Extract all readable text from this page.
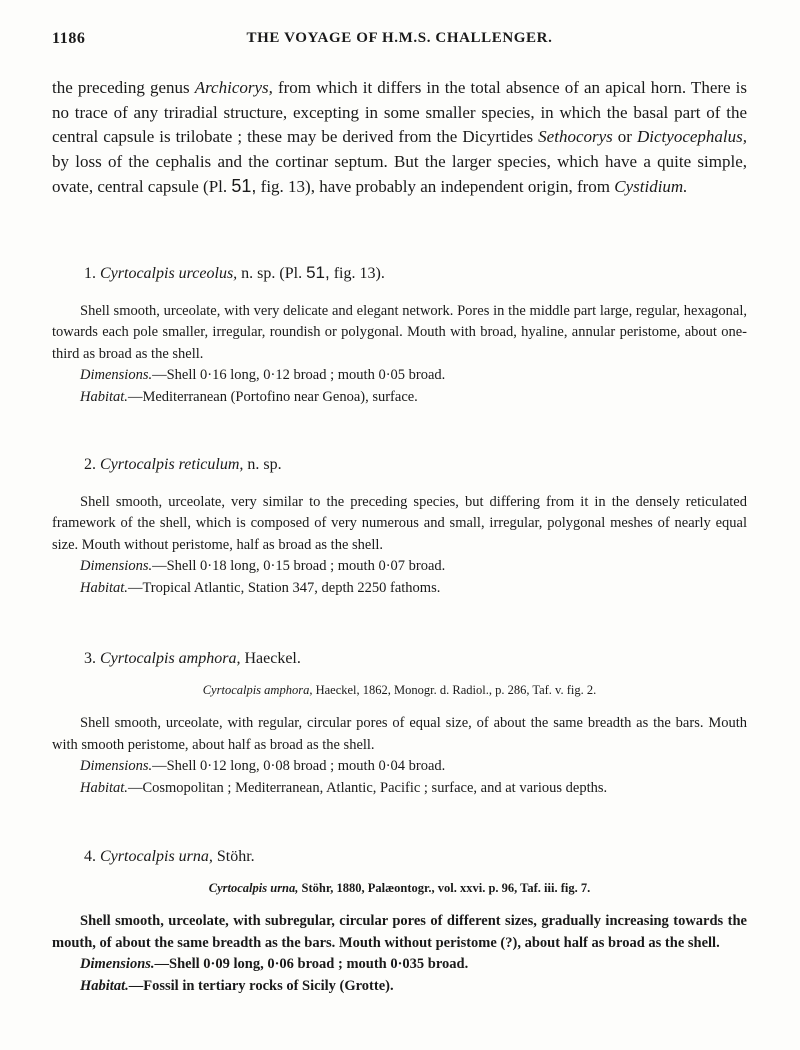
1186	THE VOYAGE OF H.M.S. CHALLENGER.

the preceding genus Archicorys, from which it differs in the total absence of an apical horn. There is no trace of any triradial structure, excepting in some smaller species, in which the basal part of the central capsule is trilobate ; these may be derived from the Dicyrtides Sethocorys or Dictyocephalus, by loss of the cephalis and the cortinar septum. But the larger species, which have a quite simple, ovate, central capsule (Pl. 51, fig. 13), have probably an independent origin, from Cystidium.

1. Cyrtocalpis urceolus, n. sp. (Pl. 51, fig. 13).

Shell smooth, urceolate, with very delicate and elegant network. Pores in the middle part large, regular, hexagonal, towards each pole smaller, irregular, roundish or polygonal. Mouth with broad, hyaline, annular peristome, about one-third as broad as the shell.

Dimensions.—Shell 0·16 long, 0·12 broad ; mouth 0·05 broad.

Habitat.—Mediterranean (Portofino near Genoa), surface.

2. Cyrtocalpis reticulum, n. sp.

Shell smooth, urceolate, very similar to the preceding species, but differing from it in the densely reticulated framework of the shell, which is composed of very numerous and small, irregular, polygonal meshes of nearly equal size. Mouth without peristome, half as broad as the shell.

Dimensions.—Shell 0·18 long, 0·15 broad ; mouth 0·07 broad.

Habitat.—Tropical Atlantic, Station 347, depth 2250 fathoms.

3. Cyrtocalpis amphora, Haeckel.

Cyrtocalpis amphora, Haeckel, 1862, Monogr. d. Radiol., p. 286, Taf. v. fig. 2.

Shell smooth, urceolate, with regular, circular pores of equal size, of about the same breadth as the bars. Mouth with smooth peristome, about half as broad as the shell.

Dimensions.—Shell 0·12 long, 0·08 broad ; mouth 0·04 broad.

Habitat.—Cosmopolitan ; Mediterranean, Atlantic, Pacific ; surface, and at various depths.

4. Cyrtocalpis urna, Stöhr.

Cyrtocalpis urna, Stöhr, 1880, Palæontogr., vol. xxvi. p. 96, Taf. iii. fig. 7.

Shell smooth, urceolate, with subregular, circular pores of different sizes, gradually increasing towards the mouth, of about the same breadth as the bars. Mouth without peristome (?), about half as broad as the shell.

Dimensions.—Shell 0·09 long, 0·06 broad ; mouth 0·035 broad.

Habitat.—Fossil in tertiary rocks of Sicily (Grotte).
